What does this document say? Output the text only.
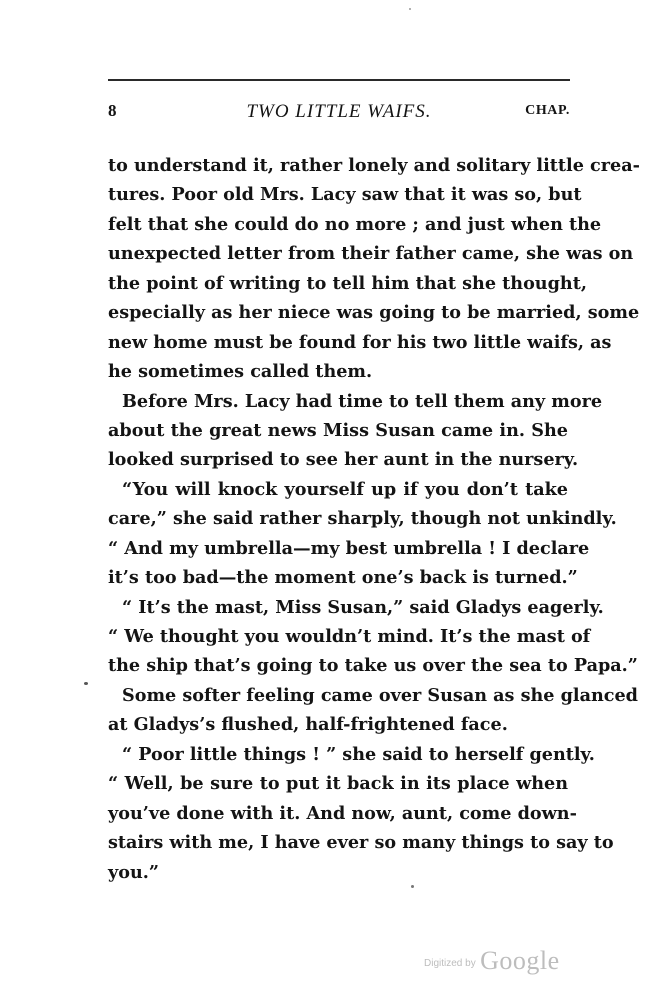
8	TWO LITTLE WAIFS.	CHAP.
to understand it, rather lonely and solitary little crea-
tures. Poor old Mrs. Lacy saw that it was so, but
felt that she could do no more ; and just when the
unexpected letter from their father came, she was on
the point of writing to tell him that she thought,
especially as her niece was going to be married, some
new home must be found for his two little waifs, as
he sometimes called them.
Before Mrs. Lacy had time to tell them any more
about the great news Miss Susan came in. She
looked surprised to see her aunt in the nursery.
“You will knock yourself up if you don’t take
care,” she said rather sharply, though not unkindly.
“ And my umbrella—my best umbrella ! I declare
it’s too bad—the moment one’s back is turned.”
“ It’s the mast, Miss Susan,” said Gladys eagerly.
“ We thought you wouldn’t mind. It’s the mast of
the ship that’s going to take us over the sea to Papa.”
Some softer feeling came over Susan as she glanced
at Gladys’s flushed, half-frightened face.
“ Poor little things ! ” she said to herself gently.
“ Well, be sure to put it back in its place when
you’ve done with it. And now, aunt, come down-
stairs with me, I have ever so many things to say to
you.”
Digitized by Google
